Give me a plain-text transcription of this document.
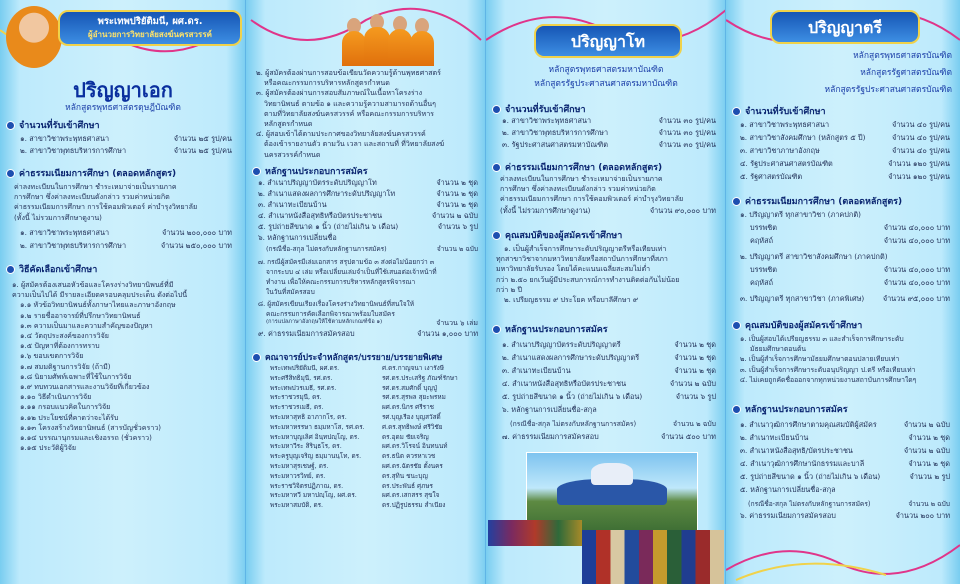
พระเทพปริยัติมนี, ผศ.ดร.
ผู้อำนวยการวิทยาลัยสงฆ์นครสวรรค์
ปริญญาเอก
หลักสูตรพุทธศาสตรดุษฎีบัณฑิต
จำนวนที่รับเข้าศึกษา
๑. สาขาวิชาพระพุทธศาสนา	จำนวน ๒๕ รูป/คน
๒. สาขาวิชาพุทธบริหารการศึกษา	จำนวน ๒๕ รูป/คน
ค่าธรรมเนียมการศึกษา (ตลอดหลักสูตร)
ค่าลงทะเบียนในการศึกษา ชำระเหมาจ่ายเป็นรายภาค
การศึกษา ซึ่งค่าลงทะเบียนดังกล่าว รวมค่าหน่วยกิต
ค่าธรรมเนียมการศึกษา การใช้คอมพิวเตอร์ ค่าบำรุงวิทยาลัย
(ทั้งนี้ ไม่รวมการศึกษาดูงาน)
๑. สาขาวิชาพระพุทธศาสนา	จำนวน ๒๐๐,๐๐๐ บาท
๒. สาขาวิชาพุทธบริหารการศึกษา	จำนวน ๒๕๐,๐๐๐ บาท
วิธีคัดเลือกเข้าศึกษา
๑. ผู้สมัครต้องเสนอหัวข้อและโครงร่างวิทยานิพนธ์ที่มี
ความเป็นไปได้ มีรายละเอียดครอบคลุมประเด็น ดังต่อไปนี้
๑.๑ หัวข้อวิทยานิพนธ์ทั้งภาษาไทยและภาษาอังกฤษ
๑.๒ รายชื่ออาจารย์ที่ปรึกษาวิทยานิพนธ์
๑.๓ ความเป็นมาและความสำคัญของปัญหา
๑.๔ วัตถุประสงค์ของการวิจัย
๑.๕ ปัญหาที่ต้องการทราบ
๑.๖ ขอบเขตการวิจัย
๑.๗ สมมติฐานการวิจัย (ถ้ามี)
๑.๘ นิยามศัพท์เฉพาะที่ใช้ในการวิจัย
๑.๙ ทบทวนเอกสารและงานวิจัยที่เกี่ยวข้อง
๑.๑๐ วิธีดำเนินการวิจัย
๑.๑๑ กรอบแนวคิดในการวิจัย
๑.๑๒ ประโยชน์ที่คาดว่าจะได้รับ
๑.๑๓ โครงสร้างวิทยานิพนธ์ (สารบัญชั่วคราว)
๑.๑๔ บรรณานุกรมและเชิงอรรถ (ชั่วคราว)
๑.๑๕ ประวัติผู้วิจัย
๒. ผู้สมัครต้องผ่านการสอบข้อเขียนวัดความรู้ด้านพุทธศาสตร์
หรือคณะกรรมการบริหารหลักสูตรกำหนด
๓. ผู้สมัครต้องผ่านการสอบสัมภาษณ์ในเนื้อหาโครงร่าง
วิทยานิพนธ์ ตามข้อ ๑ และความรู้ความสามารถด้านอื่นๆ
ตามที่วิทยาลัยสงฆ์นครสวรรค์ หรือคณะกรรมการบริหาร
หลักสูตรกำหนด
๔. ผู้สอบเข้าได้ตามประกาศของวิทยาลัยสงฆ์นครสวรรค์
ต้องเข้ารายงานตัว ตามวัน เวลา และสถานที่ ที่วิทยาลัยสงฆ์
นครสวรรค์กำหนด
หลักฐานประกอบการสมัคร
๑. สำเนาปริญญาบัตรระดับปริญญาโท	จำนวน ๒ ชุด
๒. สำเนาแสดงผลการศึกษาระดับปริญญาโท	จำนวน ๒ ชุด
๓. สำเนาทะเบียนบ้าน	จำนวน ๒ ชุด
๔. สำเนาหนังสือสุทธิหรือบัตรประชาชน	จำนวน ๒ ฉบับ
๕. รูปถ่ายสีขนาด ๑ นิ้ว (ถ่ายไม่เกิน ๖ เดือน)	จำนวน ๖ รูป
๖. หลักฐานการเปลี่ยนชื่อ
(กรณีชื่อ-สกุล ไม่ตรงกับหลักฐานการสมัคร)	จำนวน ๒ ฉบับ
๗. กรณีผู้สมัครมีเล่มเอกสาร สรุปตามข้อ ๓ ส่งต่อไม่น้อยกว่า ๓
จากระบบ ๔ เล่ม หรือเปลี่ยนเล่มจำเป็นที่ใช้เสนอต่อเจ้าหน้าที่
ทำงาน เพื่อให้คณะกรรมการบริหารหลักสูตรพิจารณา
ในวันที่สมัครสอบ
๘. ผู้สมัครเขียนเรียงเรื่องโครงร่างวิทยานิพนธ์ที่สนใจให้
คณะกรรมการคัดเลือกพิจารณาพร้อมใบสมัคร
(การแปลภาษาอังกฤษให้ใช้ตามหลักเกณฑ์ข้อ ๑)	จำนวน ๖ เล่ม
๙. ค่าธรรมเนียมการสมัครสอบ	จำนวน ๑,๐๐๐ บาท
คณาจารย์ประจำหลักสูตร/บรรยาย/บรรยายพิเศษ
พระเทพปริยัติมนี, ผศ.ดร.
พระศรีสิทธิมุนี, รศ.ดร.
พระเทพปวรเมธี, รศ.ดร.
พระราชวรมุนี, ดร.
พระราชวรเมธี, ดร.
พระมหาสุทธิ อาภากโร, ดร.
พระมหาหรรษา ธมฺมหาโส, รศ.ดร.
พระมหาบุญเลิศ อินฺทปญฺโญ, ดร.
พระมหาวีระ สิรินฺธโร, ดร.
พระครูบุญเจริญ ธมฺมานนฺโท, ดร.
พระมหาสุรเชษฐ์, ดร.
พระมหาวรวิทย์, ดร.
พระราชวิจิตรปฏิภาณ, ดร.
พระมหาทวี มหาปญฺโญ, ผศ.ดร.
พระมหาสมบัติ, ดร.
ศ.ดร.กาญจนา เงารังษี
รศ.ดร.ประเสริฐ ภัณฑ์รักษา
รศ.ดร.สมศักดิ์ บุญปู่
รศ.ดร.สุรพล สุยะพรหม
ผศ.ดร.นิกร ศรีราช
รศ.บุญเรือง บุญสวัสดิ์
ศ.ดร.สุทธิพงษ์ ศรีวิชัย
ดร.อุดม ชัยเจริญ
ผศ.ดร.วิโรจน์ อินทนนท์
ดร.ธนิต ควรหาเวช
ผศ.ดร.ฉัตรชัย ตั้งนคร
ดร.สุทิน ชนะบุญ
ดร.ประพันธ์ ศุภษร
ผศ.ดร.เสกสรร สุขใจ
ดร.ปฏิรูปธรรม สำเนียง
ปริญญาโท
หลักสูตรพุทธศาสตรมหาบัณฑิต
หลักสูตรรัฐประศาสนศาสตรมหาบัณฑิต
จำนวนที่รับเข้าศึกษา
๑. สาขาวิชาพระพุทธศาสนา	จำนวน ๓๐ รูป/คน
๒. สาขาวิชาพุทธบริหารการศึกษา	จำนวน ๓๐ รูป/คน
๓. รัฐประศาสนศาสตรมหาบัณฑิต	จำนวน ๓๐ รูป/คน
ค่าธรรมเนียมการศึกษา (ตลอดหลักสูตร)
ค่าลงทะเบียนในการศึกษา ชำระเหมาจ่ายเป็นรายภาค
การศึกษา ซึ่งค่าลงทะเบียนดังกล่าว รวมค่าหน่วยกิต
ค่าธรรมเนียมการศึกษา การใช้คอมพิวเตอร์ ค่าบำรุงวิทยาลัย
(ทั้งนี้ ไม่รวมการศึกษาดูงาน)	จำนวน ๙๐,๐๐๐ บาท
คุณสมบัติของผู้สมัครเข้าศึกษา
๑. เป็นผู้สำเร็จการศึกษาระดับปริญญาตรีหรือเทียบเท่า
ทุกสาขาวิชาจากมหาวิทยาลัยหรือสถาบันการศึกษาที่สภา
มหาวิทยาลัยรับรอง โดยได้คะแนนเฉลี่ยสะสมไม่ต่ำ
กว่า ๒.๕๐ ยกเว้นผู้มีประสบการณ์การทำงานติดต่อกันไม่น้อย
กว่า ๒ ปี
๒. เปรียญธรรม ๙ ประโยค หรือบาลีศึกษา ๙
หลักฐานประกอบการสมัคร
๑. สำเนาปริญญาบัตรระดับปริญญาตรี	จำนวน ๒ ชุด
๒. สำเนาแสดงผลการศึกษาระดับปริญญาตรี	จำนวน ๒ ชุด
๓. สำเนาทะเบียนบ้าน	จำนวน ๒ ชุด
๔. สำเนาหนังสือสุทธิหรือบัตรประชาชน	จำนวน ๒ ฉบับ
๕. รูปถ่ายสีขนาด ๑ นิ้ว (ถ่ายไม่เกิน ๖ เดือน)	จำนวน ๖ รูป
๖. หลักฐานการเปลี่ยนชื่อ-สกุล
(กรณีชื่อ-สกุล ไม่ตรงกับหลักฐานการสมัคร)	จำนวน ๒ ฉบับ
๗. ค่าธรรมเนียมการสมัครสอบ	จำนวน ๕๐๐ บาท
ปริญญาตรี
หลักสูตรพุทธศาสตรบัณฑิต
หลักสูตรรัฐศาสตรบัณฑิต
หลักสูตรรัฐประศาสนศาสตรบัณฑิต
จำนวนที่รับเข้าศึกษา
๑. สาขาวิชาพระพุทธศาสนา	จำนวน ๔๐ รูป/คน
๒. สาขาวิชาสังคมศึกษา (หลักสูตร ๕ ปี)	จำนวน ๔๐ รูป/คน
๓. สาขาวิชาภาษาอังกฤษ	จำนวน ๔๐ รูป/คน
๔. รัฐประศาสนศาสตรบัณฑิต	จำนวน ๑๒๐ รูป/คน
๕. รัฐศาสตรบัณฑิต	จำนวน ๑๒๐ รูป/คน
ค่าธรรมเนียมการศึกษา (ตลอดหลักสูตร)
๑. ปริญญาตรี ทุกสาขาวิชา (ภาคปกติ)
บรรพชิต	จำนวน ๔๐,๐๐๐ บาท
คฤหัสถ์	จำนวน ๔๐,๐๐๐ บาท
๒. ปริญญาตรี สาขาวิชาสังคมศึกษา (ภาคปกติ)
บรรพชิต	จำนวน ๔๐,๐๐๐ บาท
คฤหัสถ์	จำนวน ๔๐,๐๐๐ บาท
๓. ปริญญาตรี ทุกสาขาวิชา (ภาคพิเศษ)	จำนวน ๙๕,๐๐๐ บาท
คุณสมบัติของผู้สมัครเข้าศึกษา
๑. เป็นผู้สอบได้เปรียญธรรม ๓ และสำเร็จการศึกษาระดับ
มัธยมศึกษาตอนต้น
๒. เป็นผู้สำเร็จการศึกษามัธยมศึกษาตอนปลายเทียบเท่า
๓. เป็นผู้สำเร็จการศึกษาระดับอนุปริญญา ป.ตรี หรือเทียบเท่า
๔. ไม่เคยถูกคัดชื่อออกจากทุกหน่วยงานสถาบันการศึกษาใดๆ
หลักฐานประกอบการสมัคร
๑. สำเนาวุฒิการศึกษาตามคุณสมบัติผู้สมัคร	จำนวน ๒ ฉบับ
๒. สำเนาทะเบียนบ้าน	จำนวน ๒ ชุด
๓. สำเนาหนังสือสุทธิ/บัตรประชาชน	จำนวน ๒ ฉบับ
๔. สำเนาวุฒิการศึกษานักธรรมและบาลี	จำนวน ๒ ชุด
๕. รูปถ่ายสีขนาด ๑ นิ้ว (ถ่ายไม่เกิน ๖ เดือน)	จำนวน ๒ รูป
๕. หลักฐานการเปลี่ยนชื่อ-สกุล
(กรณีชื่อ-สกุล ไม่ตรงกับหลักฐานการสมัคร)	จำนวน ๒ ฉบับ
๖. ค่าธรรมเนียมการสมัครสอบ	จำนวน ๒๐๐ บาท
